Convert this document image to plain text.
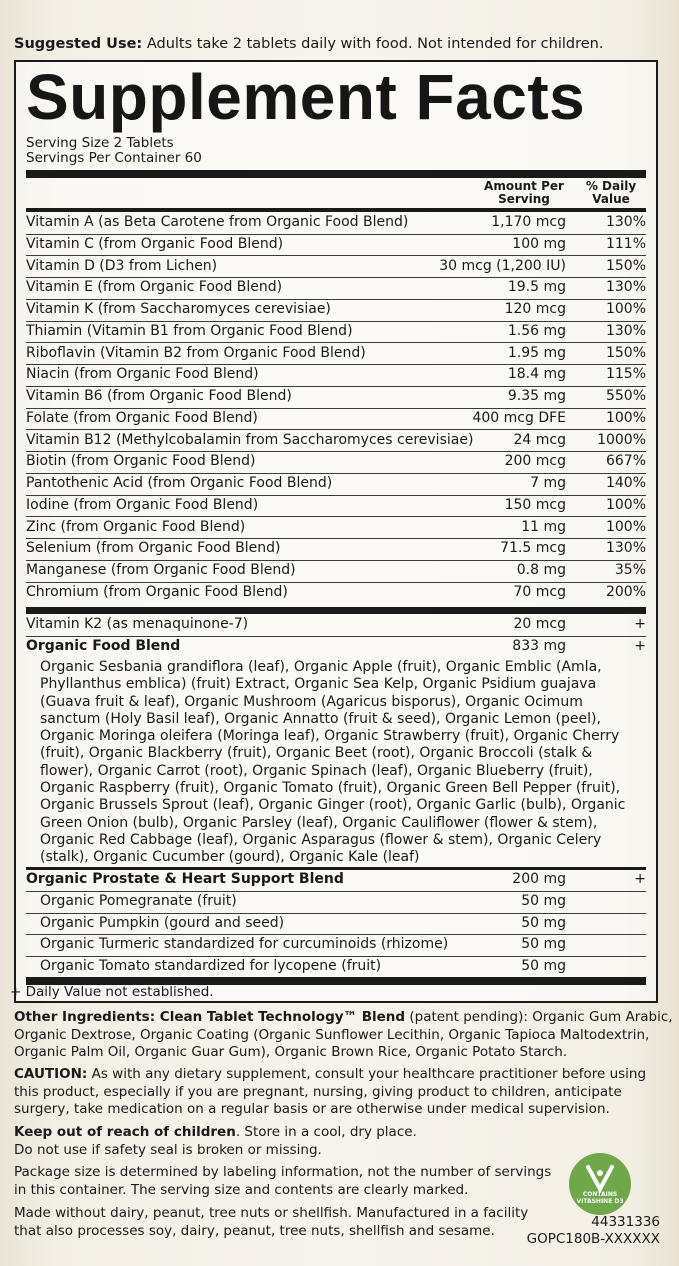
Suggested Use: Adults take 2 tablets daily with food. Not intended for children.
Supplement Facts
Serving Size 2 Tablets
Servings Per Container 60
Amount Per
Serving
% Daily
Value
Vitamin A (as Beta Carotene from Organic Food Blend)	1,170 mcg	130%
Vitamin C (from Organic Food Blend)	100 mg	111%
Vitamin D (D3 from Lichen)	30 mcg (1,200 IU)	150%
Vitamin E (from Organic Food Blend)	19.5 mg	130%
Vitamin K (from Saccharomyces cerevisiae)	120 mcg	100%
Thiamin (Vitamin B1 from Organic Food Blend)	1.56 mg	130%
Riboflavin (Vitamin B2 from Organic Food Blend)	1.95 mg	150%
Niacin (from Organic Food Blend)	18.4 mg	115%
Vitamin B6 (from Organic Food Blend)	9.35 mg	550%
Folate (from Organic Food Blend)	400 mcg DFE	100%
Vitamin B12 (Methylcobalamin from Saccharomyces cerevisiae)	24 mcg 1000%
Biotin (from Organic Food Blend)	200 mcg	667%
Pantothenic Acid (from Organic Food Blend)	7 mg	140%
Iodine (from Organic Food Blend)	150 mcg	100%
Zinc (from Organic Food Blend)	11 mg	100%
Selenium (from Organic Food Blend)	71.5 mcg	130%
Manganese (from Organic Food Blend)	0.8 mg	35%
Chromium (from Organic Food Blend)	70 mcg	200%
Vitamin K2 (as menaquinone-7)	20 mcg	+
Organic Food Blend	833 mg	+
Organic Sesbania grandiflora (leaf), Organic Apple (fruit), Organic Emblic (Amla,
Phyllanthus emblica) (fruit) Extract, Organic Sea Kelp, Organic Psidium guajava
(Guava fruit & leaf), Organic Mushroom (Agaricus bisporus), Organic Ocimum
sanctum (Holy Basil leaf), Organic Annatto (fruit & seed), Organic Lemon (peel),
Organic Moringa oleifera (Moringa leaf), Organic Strawberry (fruit), Organic Cherry
(fruit), Organic Blackberry (fruit), Organic Beet (root), Organic Broccoli (stalk &
flower), Organic Carrot (root), Organic Spinach (leaf), Organic Blueberry (fruit),
Organic Raspberry (fruit), Organic Tomato (fruit), Organic Green Bell Pepper (fruit),
Organic Brussels Sprout (leaf), Organic Ginger (root), Organic Garlic (bulb), Organic
Green Onion (bulb), Organic Parsley (leaf), Organic Cauliflower (flower & stem),
Organic Red Cabbage (leaf), Organic Asparagus (flower & stem), Organic Celery
(stalk), Organic Cucumber (gourd), Organic Kale (leaf)
Organic Prostate & Heart Support Blend	200 mg	+
Organic Pomegranate (fruit)	50 mg
Organic Pumpkin (gourd and seed)	50 mg
Organic Turmeric standardized for curcuminoids (rhizome)	50 mg
Organic Tomato standardized for lycopene (fruit)	50 mg
+ Daily Value not established.
Other Ingredients: Clean Tablet Technology™ Blend (patent pending): Organic Gum Arabic,
Organic Dextrose, Organic Coating (Organic Sunflower Lecithin, Organic Tapioca Maltodextrin,
Organic Palm Oil, Organic Guar Gum), Organic Brown Rice, Organic Potato Starch.
CAUTION: As with any dietary supplement, consult your healthcare practitioner before using
this product, especially if you are pregnant, nursing, giving product to children, anticipate
surgery, take medication on a regular basis or are otherwise under medical supervision.
Keep out of reach of children. Store in a cool, dry place.
Do not use if safety seal is broken or missing.
Package size is determined by labeling information, not the number of servings
in this container. The serving size and contents are clearly marked.
Made without dairy, peanut, tree nuts or shellfish. Manufactured in a facility
that also processes soy, dairy, peanut, tree nuts, shellfish and sesame.
CONTAINS
VITASHINE D3
44331336
GOPC180B-XXXXXX
